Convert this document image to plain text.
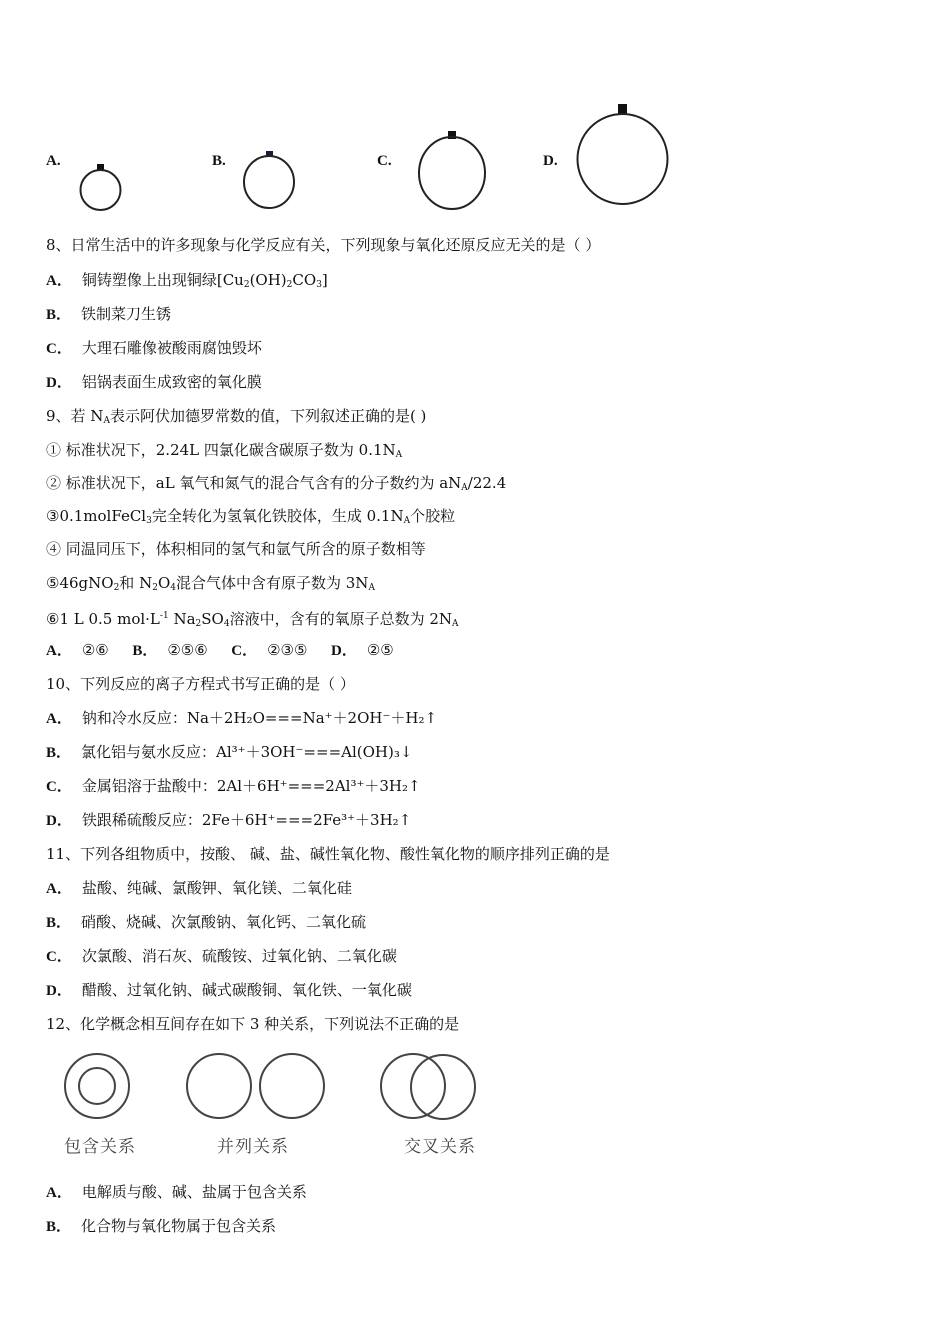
A.	B.	C.	D.
8、日常生活中的许多现象与化学反应有关，下列现象与氧化还原反应无关的是（ ）
A． 铜铸塑像上出现铜绿$[Cu_2(OH)_2CO_3]$
B． 铁制菜刀生锈
C． 大理石雕像被酸雨腐蚀毁坏
D． 铝锅表面生成致密的氧化膜
9、若 $N_A$表示阿伏加德罗常数的值，下列叙述正确的是( )
① 标准状况下，2.24L 四氯化碳含碳原子数为 $0.1N_A$
② 标准状况下，aL 氧气和氮气的混合气含有的分子数约为 $aN_A/22.4$
③0.1molFeCl$_3$完全转化为氢氧化铁胶体，生成 $0.1N_A$个胶粒
④ 同温同压下，体积相同的氢气和氩气所含的原子数相等
⑤46gNO$_2$和 $N_2O_4$混合气体中含有原子数为 $3N_A$
⑥1 L 0.5 $mol\cdot L^{-1}$ $Na_2SO_4$溶液中，含有的氧原子总数为 $2N_A$
A． ②⑥ B． ②⑤⑥ C． ②③⑤ D． ②⑤
10、下列反应的离子方程式书写正确的是（ ）
A． 钠和冷水反应：Na＋2H₂O===Na⁺＋2OH⁻＋H₂↑
B． 氯化铝与氨水反应：Al³⁺＋3OH⁻===Al(OH)₃↓
C． 金属铝溶于盐酸中：2Al＋6H⁺===2Al³⁺＋3H₂↑
D． 铁跟稀硫酸反应：2Fe＋6H⁺===2Fe³⁺＋3H₂↑
11、下列各组物质中，按酸、 碱、盐、碱性氧化物、酸性氧化物的顺序排列正确的是
A． 盐酸、纯碱、氯酸钾、氧化镁、二氧化硅
B． 硝酸、烧碱、次氯酸钠、氧化钙、二氧化硫
C． 次氯酸、消石灰、硫酸铵、过氧化钠、二氧化碳
D． 醋酸、过氧化钠、碱式碳酸铜、氧化铁、一氧化碳
12、化学概念相互间存在如下 3 种关系，下列说法不正确的是
包含关系	并列关系	交叉关系
A． 电解质与酸、碱、盐属于包含关系
B． 化合物与氧化物属于包含关系
